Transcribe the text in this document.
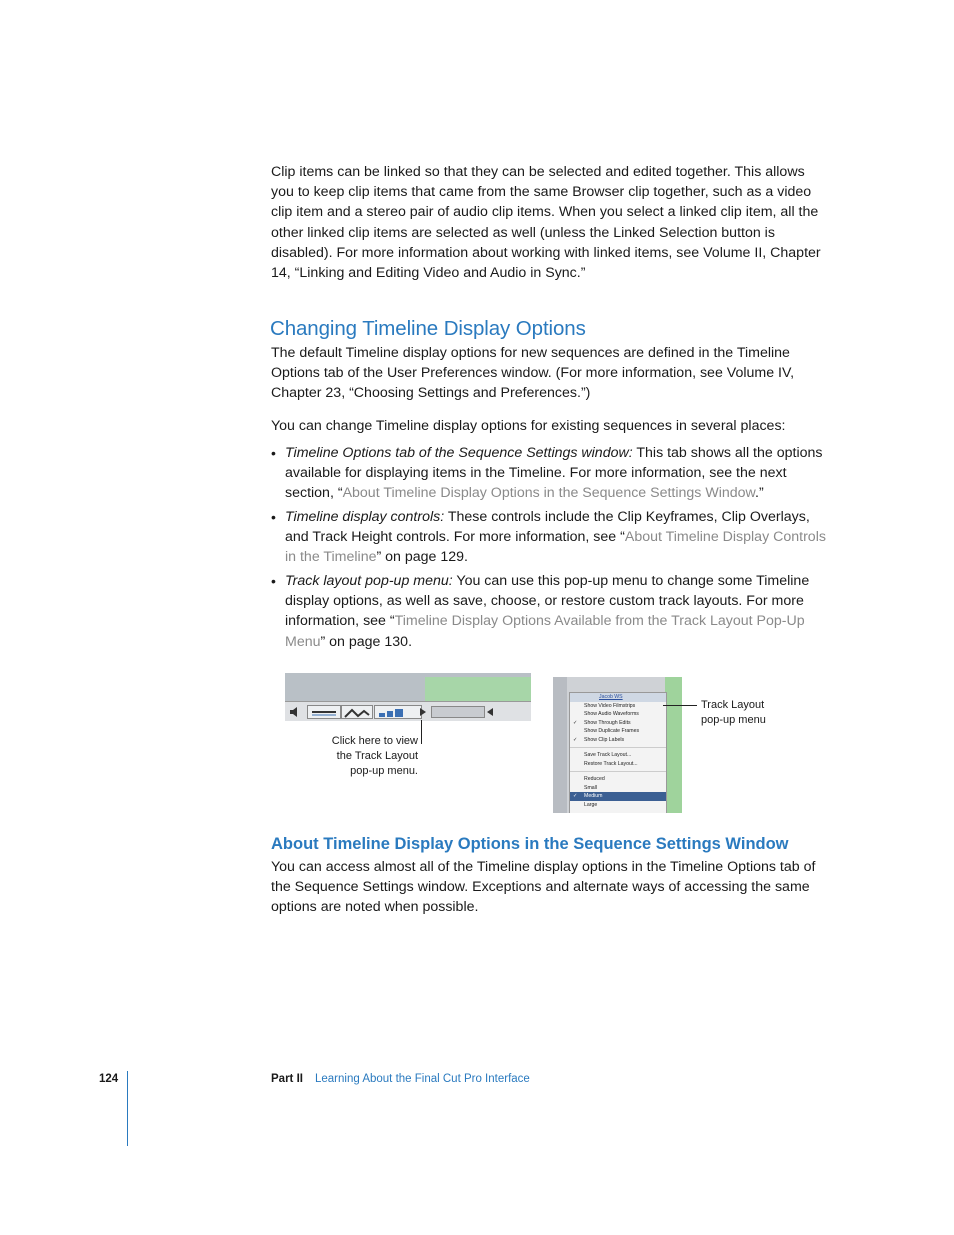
Clip items can be linked so that they can be selected and edited together. This allows you to keep clip items that came from the same Browser clip together, such as a video clip item and a stereo pair of audio clip items. When you select a linked clip item, all the other linked clip items are selected as well (unless the Linked Selection button is disabled). For more information about working with linked items, see Volume II, Chapter 14, “Linking and Editing Video and Audio in Sync.”

Changing Timeline Display Options

The default Timeline display options for new sequences are defined in the Timeline Options tab of the User Preferences window. (For more information, see Volume IV, Chapter 23, “Choosing Settings and Preferences.”)

You can change Timeline display options for existing sequences in several places:

• Timeline Options tab of the Sequence Settings window: This tab shows all the options available for displaying items in the Timeline. For more information, see the next section, “About Timeline Display Options in the Sequence Settings Window.”

• Timeline display controls: These controls include the Clip Keyframes, Clip Overlays, and Track Height controls. For more information, see “About Timeline Display Controls in the Timeline” on page 129.

• Track layout pop-up menu: You can use this pop-up menu to change some Timeline display options, as well as save, choose, or restore custom track layouts. For more information, see “Timeline Display Options Available from the Track Layout Pop-Up Menu” on page 130.

Click here to view the Track Layout pop-up menu.
Jacob WS
Show Video Filmstrips
Show Audio Waveforms
✓ Show Through Edits
Show Duplicate Frames
✓ Show Clip Labels
Save Track Layout...
Restore Track Layout...
Reduced
Small
✓ Medium
Large
Track Layout pop-up menu
About Timeline Display Options in the Sequence Settings Window

You can access almost all of the Timeline display options in the Timeline Options tab of the Sequence Settings window. Exceptions and alternate ways of accessing the same options are noted when possible.

124	Part II Learning About the Final Cut Pro Interface
